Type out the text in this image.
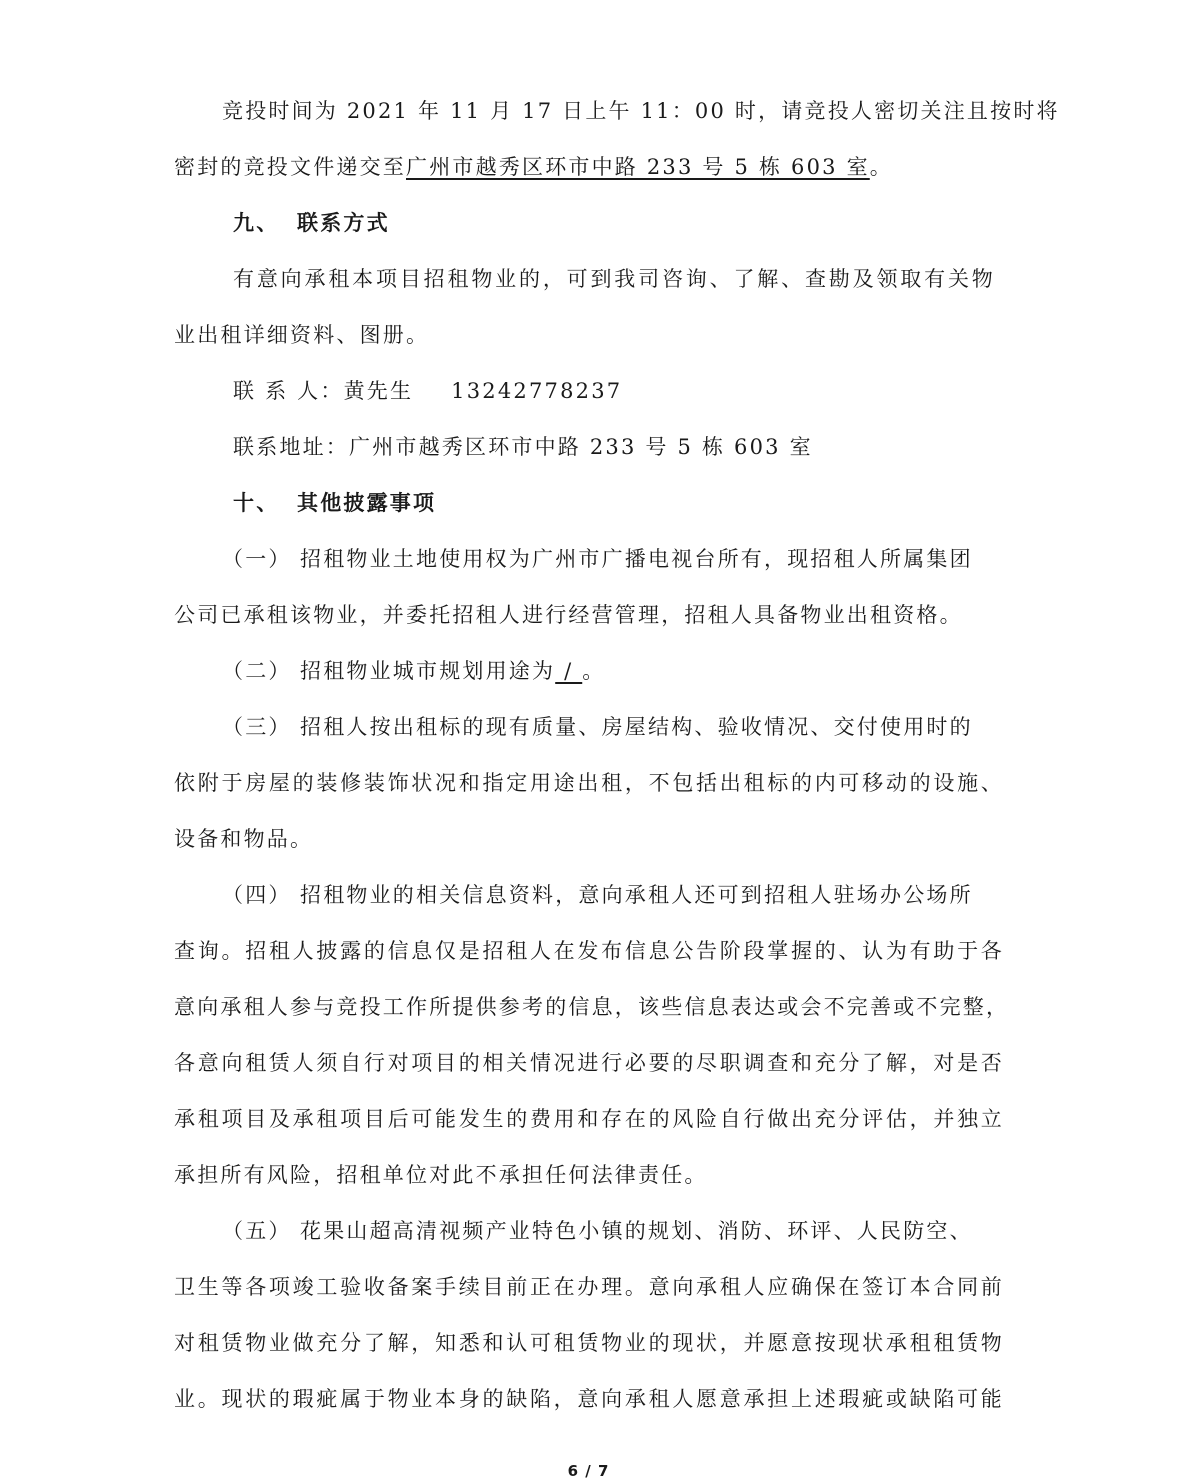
竞投时间为 2021 年 11 月 17 日上午 11：00 时，请竞投人密切关注且按时将
密封的竞投文件递交至广州市越秀区环市中路 233 号 5 栋 603 室。
九、 联系方式
有意向承租本项目招租物业的，可到我司咨询、了解、查勘及领取有关物
业出租详细资料、图册。
联 系 人：黄先生 13242778237
联系地址：广州市越秀区环市中路 233 号 5 栋 603 室
十、 其他披露事项
（一） 招租物业土地使用权为广州市广播电视台所有，现招租人所属集团
公司已承租该物业，并委托招租人进行经营管理，招租人具备物业出租资格。
（二） 招租物业城市规划用途为 / 。
（三） 招租人按出租标的现有质量、房屋结构、验收情况、交付使用时的
依附于房屋的装修装饰状况和指定用途出租，不包括出租标的内可移动的设施、
设备和物品。
（四） 招租物业的相关信息资料，意向承租人还可到招租人驻场办公场所
查询。招租人披露的信息仅是招租人在发布信息公告阶段掌握的、认为有助于各
意向承租人参与竞投工作所提供参考的信息，该些信息表达或会不完善或不完整，
各意向租赁人须自行对项目的相关情况进行必要的尽职调查和充分了解，对是否
承租项目及承租项目后可能发生的费用和存在的风险自行做出充分评估，并独立
承担所有风险，招租单位对此不承担任何法律责任。
（五） 花果山超高清视频产业特色小镇的规划、消防、环评、人民防空、
卫生等各项竣工验收备案手续目前正在办理。意向承租人应确保在签订本合同前
对租赁物业做充分了解，知悉和认可租赁物业的现状，并愿意按现状承租租赁物
业。现状的瑕疵属于物业本身的缺陷，意向承租人愿意承担上述瑕疵或缺陷可能
6 / 7
